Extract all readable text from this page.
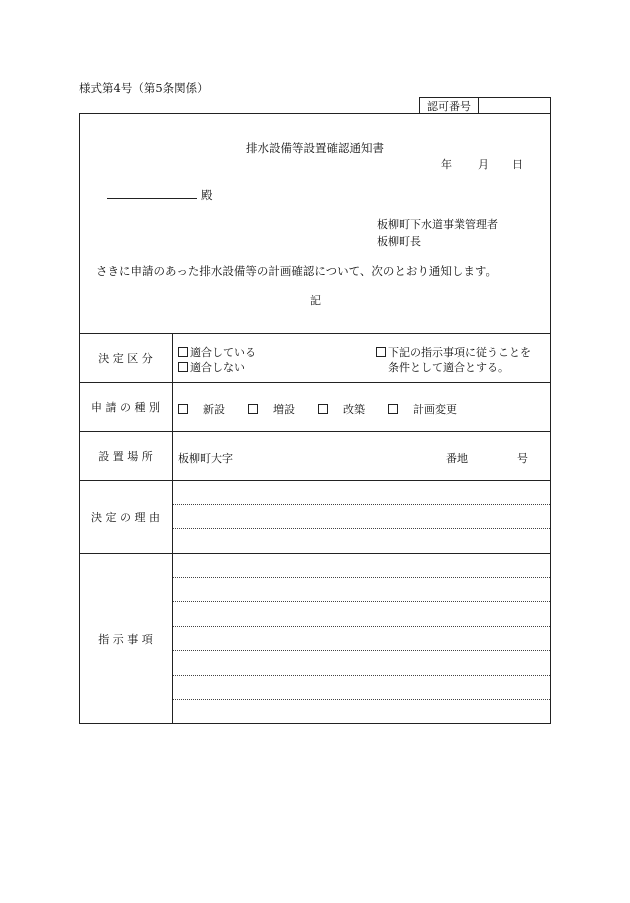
様式第4号（第5条関係）
認可番号
排水設備等設置確認通知書
年 月 日
殿
板柳町下水道事業管理者
板柳町長
さきに申請のあった排水設備等の計画確認について、次のとおり通知します。
記
決 定 区 分	適合している
適合しない
下記の指示事項に従うことを
条件として適合とする。
申 請 の 種 別	新設	増設	改築	計画変更
設 置 場 所	板柳町大字	番地	号
決 定 の 理 由
指 示 事 項
